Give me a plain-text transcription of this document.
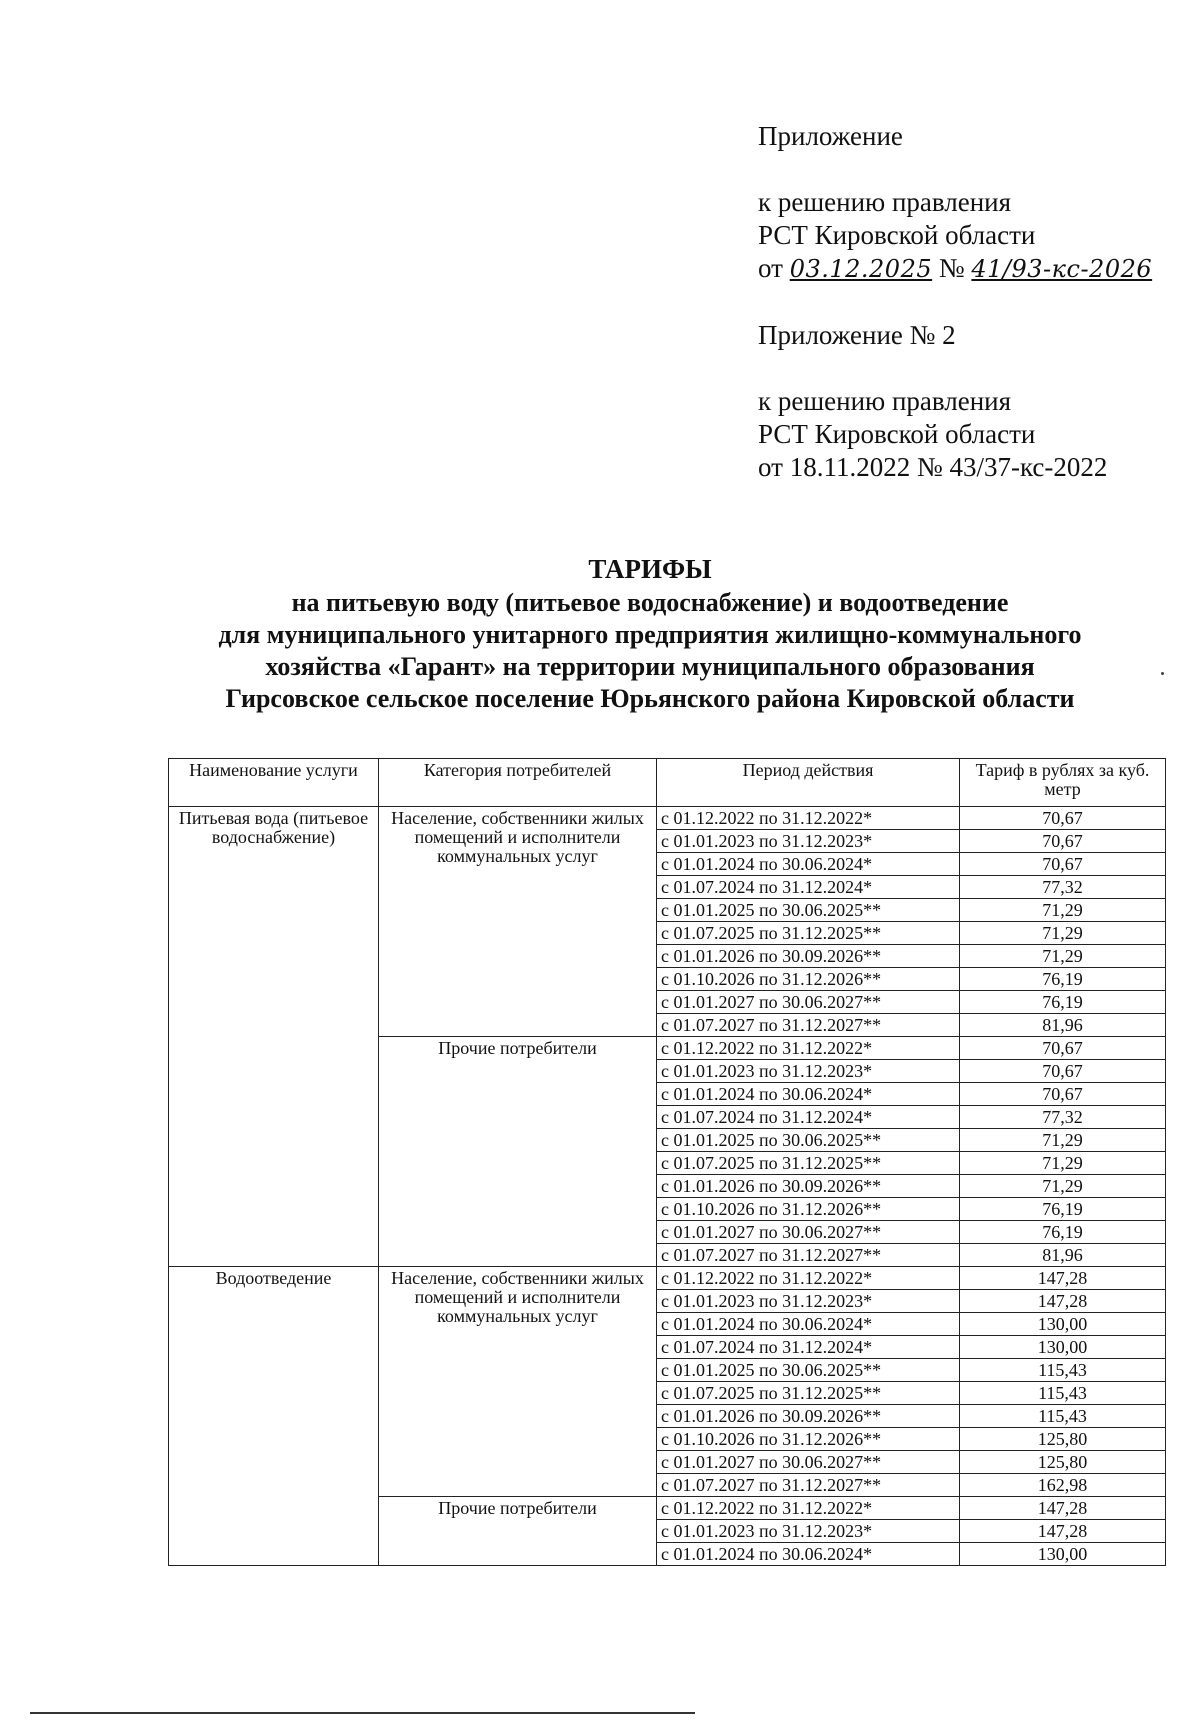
Приложение

к решению правления

РСТ Кировской области

от 03.12.2025 № 41/93-кс-2026

Приложение № 2

к решению правления

РСТ Кировской области

от 18.11.2022 № 43/37-кс-2022

ТАРИФЫ

на питьевую воду (питьевое водоснабжение) и водоотведение

для муниципального унитарного предприятия жилищно-коммунального

хозяйства «Гарант» на территории муниципального образования

Гирсовское сельское поселение Юрьянского района Кировской области

Наименование услуги	Категория потребителей	Период действия	Тариф в рублях за куб. метр
Питьевая вода (питьевое водоснабжение)	Население, собственники жилых помещений и исполнители коммунальных услуг	с 01.12.2022 по 31.12.2022*	70,67
		с 01.01.2023 по 31.12.2023*	70,67
		с 01.01.2024 по 30.06.2024*	70,67
		с 01.07.2024 по 31.12.2024*	77,32
		с 01.01.2025 по 30.06.2025**	71,29
		с 01.07.2025 по 31.12.2025**	71,29
		с 01.01.2026 по 30.09.2026**	71,29
		с 01.10.2026 по 31.12.2026**	76,19
		с 01.01.2027 по 30.06.2027**	76,19
		с 01.07.2027 по 31.12.2027**	81,96
	Прочие потребители	с 01.12.2022 по 31.12.2022*	70,67
		с 01.01.2023 по 31.12.2023*	70,67
		с 01.01.2024 по 30.06.2024*	70,67
		с 01.07.2024 по 31.12.2024*	77,32
		с 01.01.2025 по 30.06.2025**	71,29
		с 01.07.2025 по 31.12.2025**	71,29
		с 01.01.2026 по 30.09.2026**	71,29
		с 01.10.2026 по 31.12.2026**	76,19
		с 01.01.2027 по 30.06.2027**	76,19
		с 01.07.2027 по 31.12.2027**	81,96
Водоотведение	Население, собственники жилых помещений и исполнители коммунальных услуг	с 01.12.2022 по 31.12.2022*	147,28
		с 01.01.2023 по 31.12.2023*	147,28
		с 01.01.2024 по 30.06.2024*	130,00
		с 01.07.2024 по 31.12.2024*	130,00
		с 01.01.2025 по 30.06.2025**	115,43
		с 01.07.2025 по 31.12.2025**	115,43
		с 01.01.2026 по 30.09.2026**	115,43
		с 01.10.2026 по 31.12.2026**	125,80
		с 01.01.2027 по 30.06.2027**	125,80
		с 01.07.2027 по 31.12.2027**	162,98
	Прочие потребители	с 01.12.2022 по 31.12.2022*	147,28
		с 01.01.2023 по 31.12.2023*	147,28
		с 01.01.2024 по 30.06.2024*	130,00
